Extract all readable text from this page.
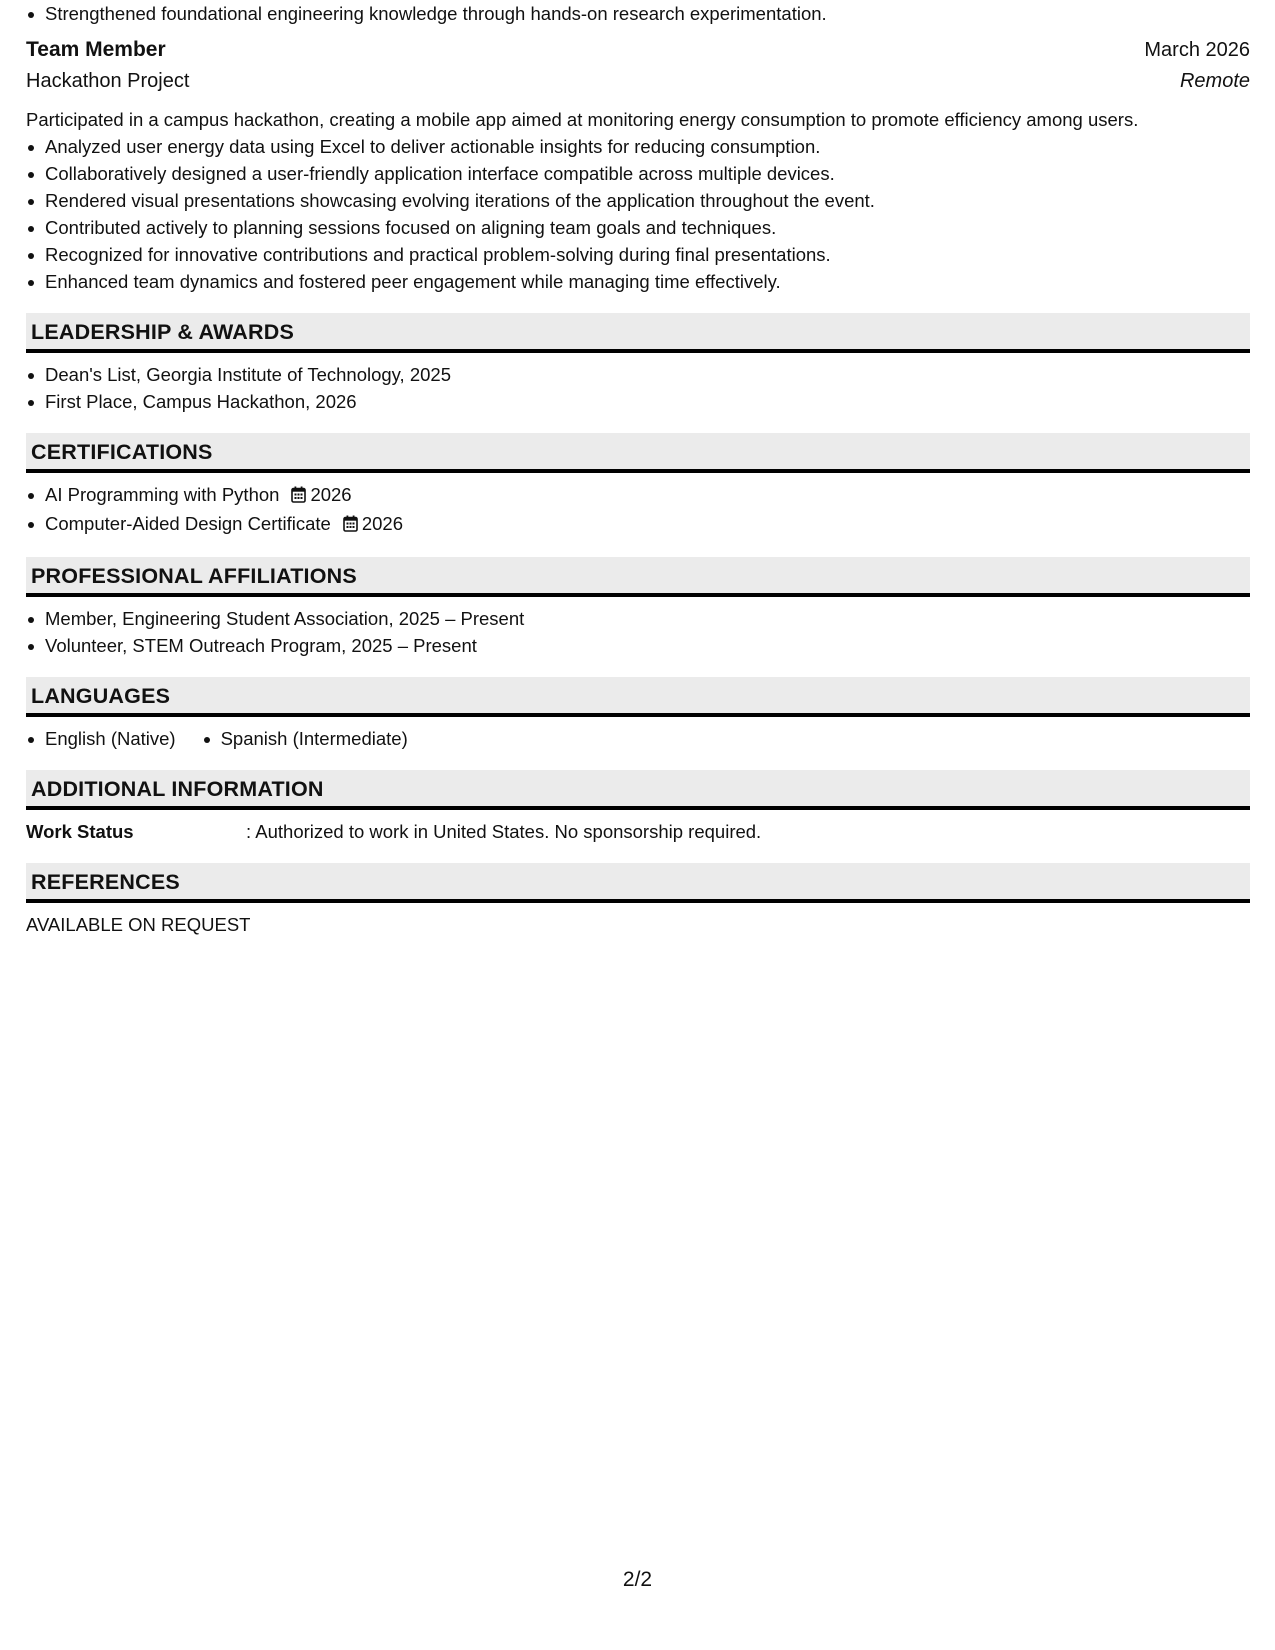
Strengthened foundational engineering knowledge through hands-on research experimentation.
Team Member	March 2026
Hackathon Project	Remote
Participated in a campus hackathon, creating a mobile app aimed at monitoring energy consumption to promote efficiency among users.
Analyzed user energy data using Excel to deliver actionable insights for reducing consumption.
Collaboratively designed a user-friendly application interface compatible across multiple devices.
Rendered visual presentations showcasing evolving iterations of the application throughout the event.
Contributed actively to planning sessions focused on aligning team goals and techniques.
Recognized for innovative contributions and practical problem-solving during final presentations.
Enhanced team dynamics and fostered peer engagement while managing time effectively.
LEADERSHIP & AWARDS
Dean's List, Georgia Institute of Technology, 2025
First Place, Campus Hackathon, 2026
CERTIFICATIONS
AI Programming with Python 2026
Computer-Aided Design Certificate 2026
PROFESSIONAL AFFILIATIONS
Member, Engineering Student Association, 2025 – Present
Volunteer, STEM Outreach Program, 2025 – Present
LANGUAGES
English (Native)	Spanish (Intermediate)
ADDITIONAL INFORMATION
Work Status	: Authorized to work in United States. No sponsorship required.
REFERENCES
AVAILABLE ON REQUEST
2/2
